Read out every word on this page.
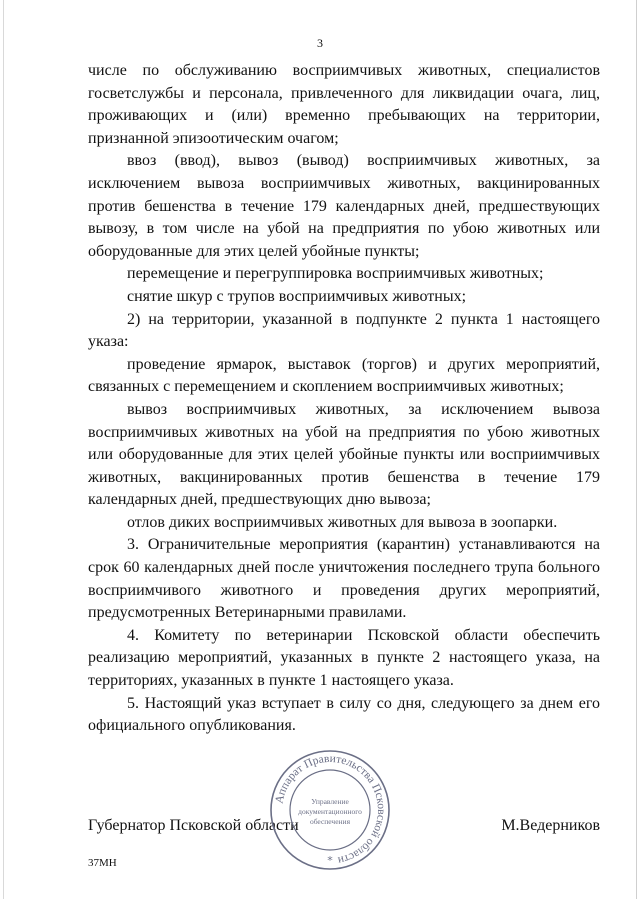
3

числе по обслуживанию восприимчивых животных, специалистов госветслужбы и персонала, привлеченного для ликвидации очага, лиц, проживающих и (или) временно пребывающих на территории, признанной эпизоотическим очагом;

ввоз (ввод), вывоз (вывод) восприимчивых животных, за исключением вывоза восприимчивых животных, вакцинированных против бешенства в течение 179 календарных дней, предшествующих вывозу, в том числе на убой на предприятия по убою животных или оборудованные для этих целей убойные пункты;

перемещение и перегруппировка восприимчивых животных;

снятие шкур с трупов восприимчивых животных;

2) на территории, указанной в подпункте 2 пункта 1 настоящего указа:

проведение ярмарок, выставок (торгов) и других мероприятий, связанных с перемещением и скоплением восприимчивых животных;

вывоз восприимчивых животных, за исключением вывоза восприимчивых животных на убой на предприятия по убою животных или оборудованные для этих целей убойные пункты или восприимчивых животных, вакцинированных против бешенства в течение 179 календарных дней, предшествующих дню вывоза;

отлов диких восприимчивых животных для вывоза в зоопарки.

3. Ограничительные мероприятия (карантин) устанавливаются на срок 60 календарных дней после уничтожения последнего трупа больного восприимчивого животного и проведения других мероприятий, предусмотренных Ветеринарными правилами.

4. Комитету по ветеринарии Псковской области обеспечить реализацию мероприятий, указанных в пункте 2 настоящего указа, на территориях, указанных в пункте 1 настоящего указа.

5. Настоящий указ вступает в силу со дня, следующего за днем его официального опубликования.

Губернатор Псковской области	М.Ведерников
Аппарат Правительства Псковской области
Управление
документационного
обеспечения
*
37МН
